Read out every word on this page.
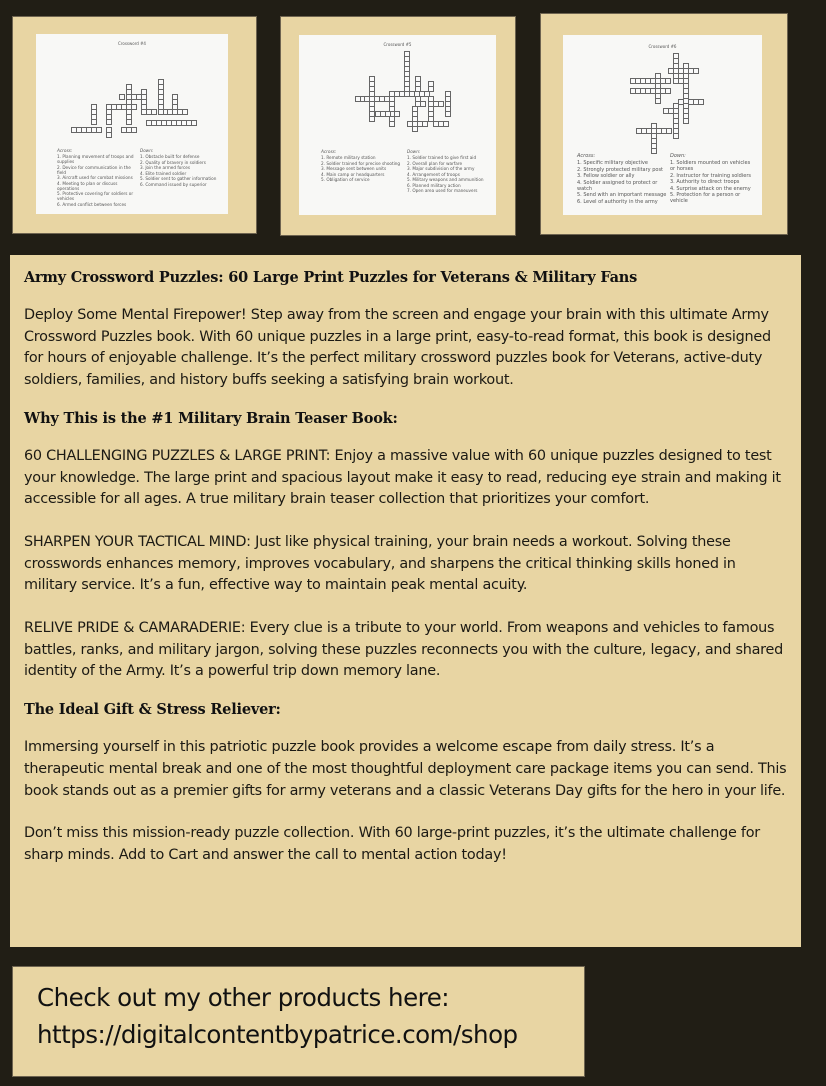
Crossword #4
Across:
1. Planning movement of troops and supplies
2. Device for communication in the field
3. Aircraft used for combat missions
4. Meeting to plan or discuss operations
5. Protective covering for soldiers or vehicles
6. Armed conflict between forces
Down:
1. Obstacle built for defense
2. Quality of bravery in soldiers
3. Join the armed forces
4. Elite trained soldier
5. Soldier sent to gather information
6. Command issued by superior
Crossword #5
Across:
1. Remote military station
2. Soldier trained for precise shooting
3. Message sent between units
4. Main camp or headquarters
5. Obligation of service
Down:
1. Soldier trained to give first aid
2. Overall plan for warfare
3. Major subdivision of the army
4. Arrangement of troops
5. Military weapons and ammunition
6. Planned military action
7. Open area used for maneuvers
Crossword #6
Across:
1. Specific military objective
2. Strongly protected military post
3. Fellow soldier or ally
4. Soldier assigned to protect or watch
5. Send with an important message
6. Level of authority in the army
Down:
1. Soldiers mounted on vehicles or horses
2. Instructor for training soldiers
3. Authority to direct troops
4. Surprise attack on the enemy
5. Protection for a person or vehicle
Army Crossword Puzzles: 60 Large Print Puzzles for Veterans & Military Fans

Deploy Some Mental Firepower! Step away from the screen and engage your brain with this ultimate Army Crossword Puzzles book. With 60 unique puzzles in a large print, easy-to-read format, this book is designed for hours of enjoyable challenge. It’s the perfect military crossword puzzles book for Veterans, active-duty soldiers, families, and history buffs seeking a satisfying brain workout.

Why This is the #1 Military Brain Teaser Book:

60 CHALLENGING PUZZLES & LARGE PRINT: Enjoy a massive value with 60 unique puzzles designed to test your knowledge. The large print and spacious layout make it easy to read, reducing eye strain and making it accessible for all ages. A true military brain teaser collection that prioritizes your comfort.

SHARPEN YOUR TACTICAL MIND: Just like physical training, your brain needs a workout. Solving these crosswords enhances memory, improves vocabulary, and sharpens the critical thinking skills honed in military service. It’s a fun, effective way to maintain peak mental acuity.

RELIVE PRIDE & CAMARADERIE: Every clue is a tribute to your world. From weapons and vehicles to famous battles, ranks, and military jargon, solving these puzzles reconnects you with the culture, legacy, and shared identity of the Army. It’s a powerful trip down memory lane.

The Ideal Gift & Stress Reliever:

Immersing yourself in this patriotic puzzle book provides a welcome escape from daily stress. It’s a therapeutic mental break and one of the most thoughtful deployment care package items you can send. This book stands out as a premier gifts for army veterans and a classic Veterans Day gifts for the hero in your life.

Don’t miss this mission-ready puzzle collection. With 60 large-print puzzles, it’s the ultimate challenge for sharp minds. Add to Cart and answer the call to mental action today!

Check out my other products here:
https://digitalcontentbypatrice.com/shop
